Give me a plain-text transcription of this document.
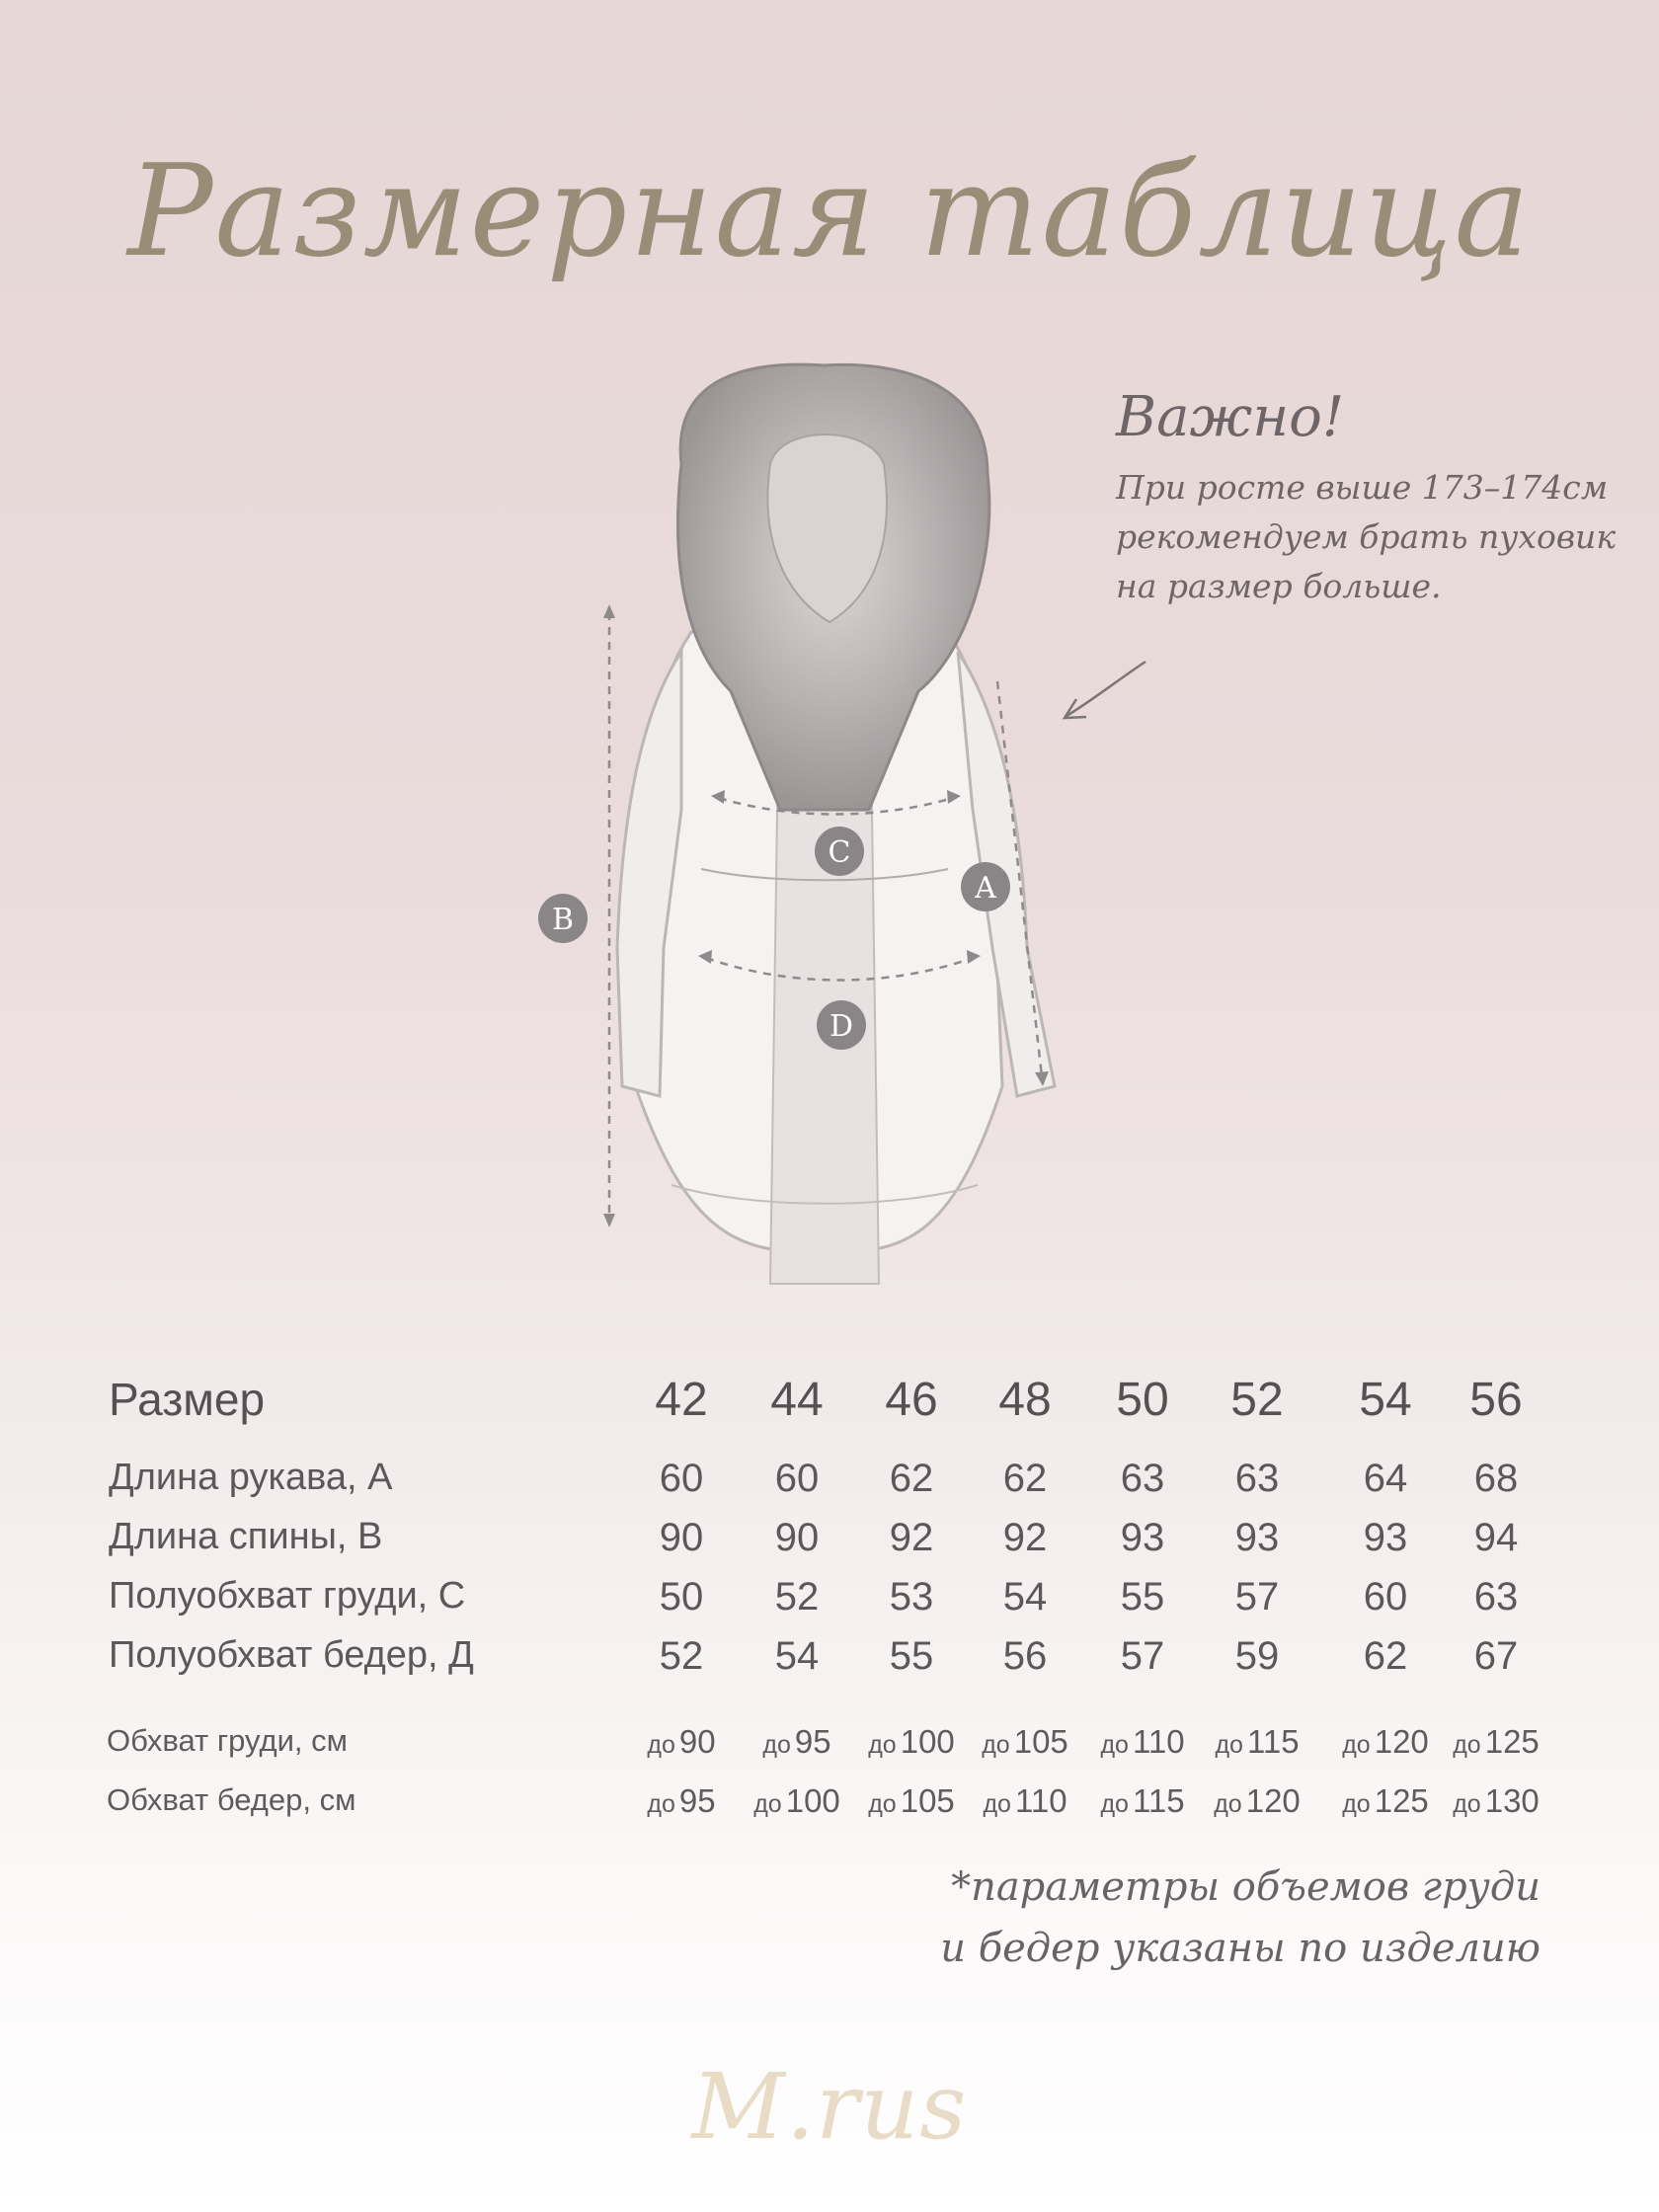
Размерная таблица
Важно!
При росте выше 173–174см рекомендуем брать пуховик на размер больше.
B
C
A
D
Размер	42	44	46	48	50	52	54	56
Длина рукава, А	60	60	62	62	63	63	64	68
Длина спины, В	90	90	92	92	93	93	93	94
Полуобхват груди, С	50	52	53	54	55	57	60	63
Полуобхват бедер, Д	52	54	55	56	57	59	62	67
Обхват груди, см	до 90	до 95	до 100	до 105	до 110	до 115	до 120 до 125
Обхват бедер, см	до 95	до 100	до 105	до 110	до 115	до 120	до 125 до 130
*параметры объемов груди
и бедер указаны по изделию
M.rus
